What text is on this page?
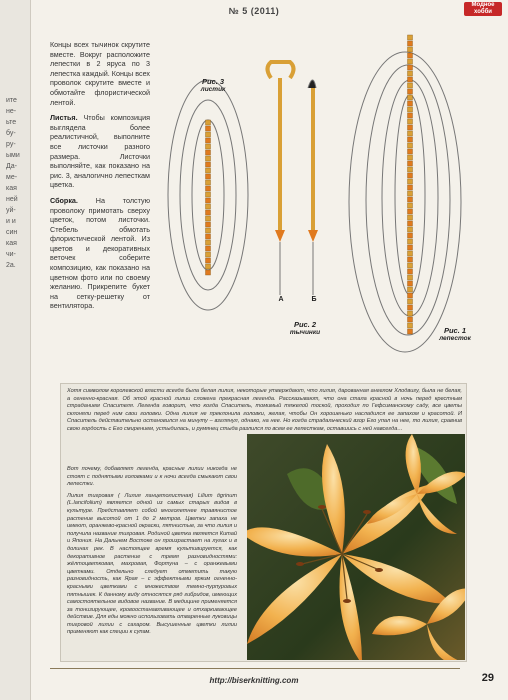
ите
не-
ьте
бу-
ру-
ыми
Да-
ме-
кая
ней
уй-
и и
син
кая
чи-
2а.
№ 5 (2011)
Модное хобби

Концы всех тычинок скрутите вместе. Вокруг расположите лепестки в 2 яруса по 3 лепестка каждый. Концы всех проволок скрутите вместе и обмотайте флористической лентой.

Листья. Чтобы композиция выглядела более реалистичной, выполните все листочки разного размера. Листочки выполняйте, как показано на рис. 3, аналогично лепесткам цветка.

Сборка. На толстую проволоку примотать сверху цветок, потом листочки. Стебель обмотать флористической лентой. Из цветов и декоративных веточек соберите композицию, как показано на цветном фото или по своему желанию. Прикрепите букет на сетку-решетку от вентилятора.

Рис. 3
листик
А	Б
Рис. 2
тычинки	Рис. 1
лепесток
Хотя символом королевской власти всегда была белая лилия, некоторые утверждают, что лилия, дарованная ангелом Хлодвигу, была не белая, а огненно-красная. Об этой красной лилии сложена прекрасная легенда. Рассказывают, что она стала красной в ночь перед крестным страданием Спасителя. Легенда говорит, что когда Спаситель, томимый тяжелой тоской, проходил по Гефсиманскому саду, все цветы склоняли перед ним свои головки. Одна лилия не преклонила головки, желая, чтобы Он хорошенько насладился ее запахом и красотой. И Спаситель действительно остановился на минуту – взглянул, однако, на нее. Но когда страдальческий взор Его упал на нее, то лилия, сравнив свою гордость с Его смирением, устыдилась, и румянец стыда разлился по всем ее лепесткам, оставшись с ней навсегда…

Вот почему, добавляет легенда, красные лилии никогда не стоят с поднятыми головками и к ночи всегда смыкают свои лепестки.

Лилия тигровая ( Лилия ланцетолистная) Lilium tigrinum (L.lancifolium) является одной из самых старых видов в культуре. Представляет собой многолетнее травянистое растение высотой от 1 до 2 метров. Цветки запаха не имеют, оранжево-красной окраски, пятнистые, за что лилия и получила название тигровая. Родиной цветка является Китай и Япония. На Дальнем Востоке он произрастает на лугах и в долинах рек. В настоящее время культивируется, как декоративное растение с тремя разновидностями: жёлтоцветковая, махровая, Фортуна – с оранжевыми цветками. Отдельно следует отметить такую разновидность, как Ярая – с эффектными ярким огненно-красными цветками с множеством темно-пурпуровых пятнышек. К данному виду относятся ряд гибридов, имеющих самостоятельное видовое название. В медицине применяется за тонизирующее, кровоостанавливающее и отхаркивающее действие. Для еды можно использовать отваренные луковицы тигровой лилии с сахаром. Высушенные цветки лилии применяют как специи к супам.

http://biserknitting.com	29
